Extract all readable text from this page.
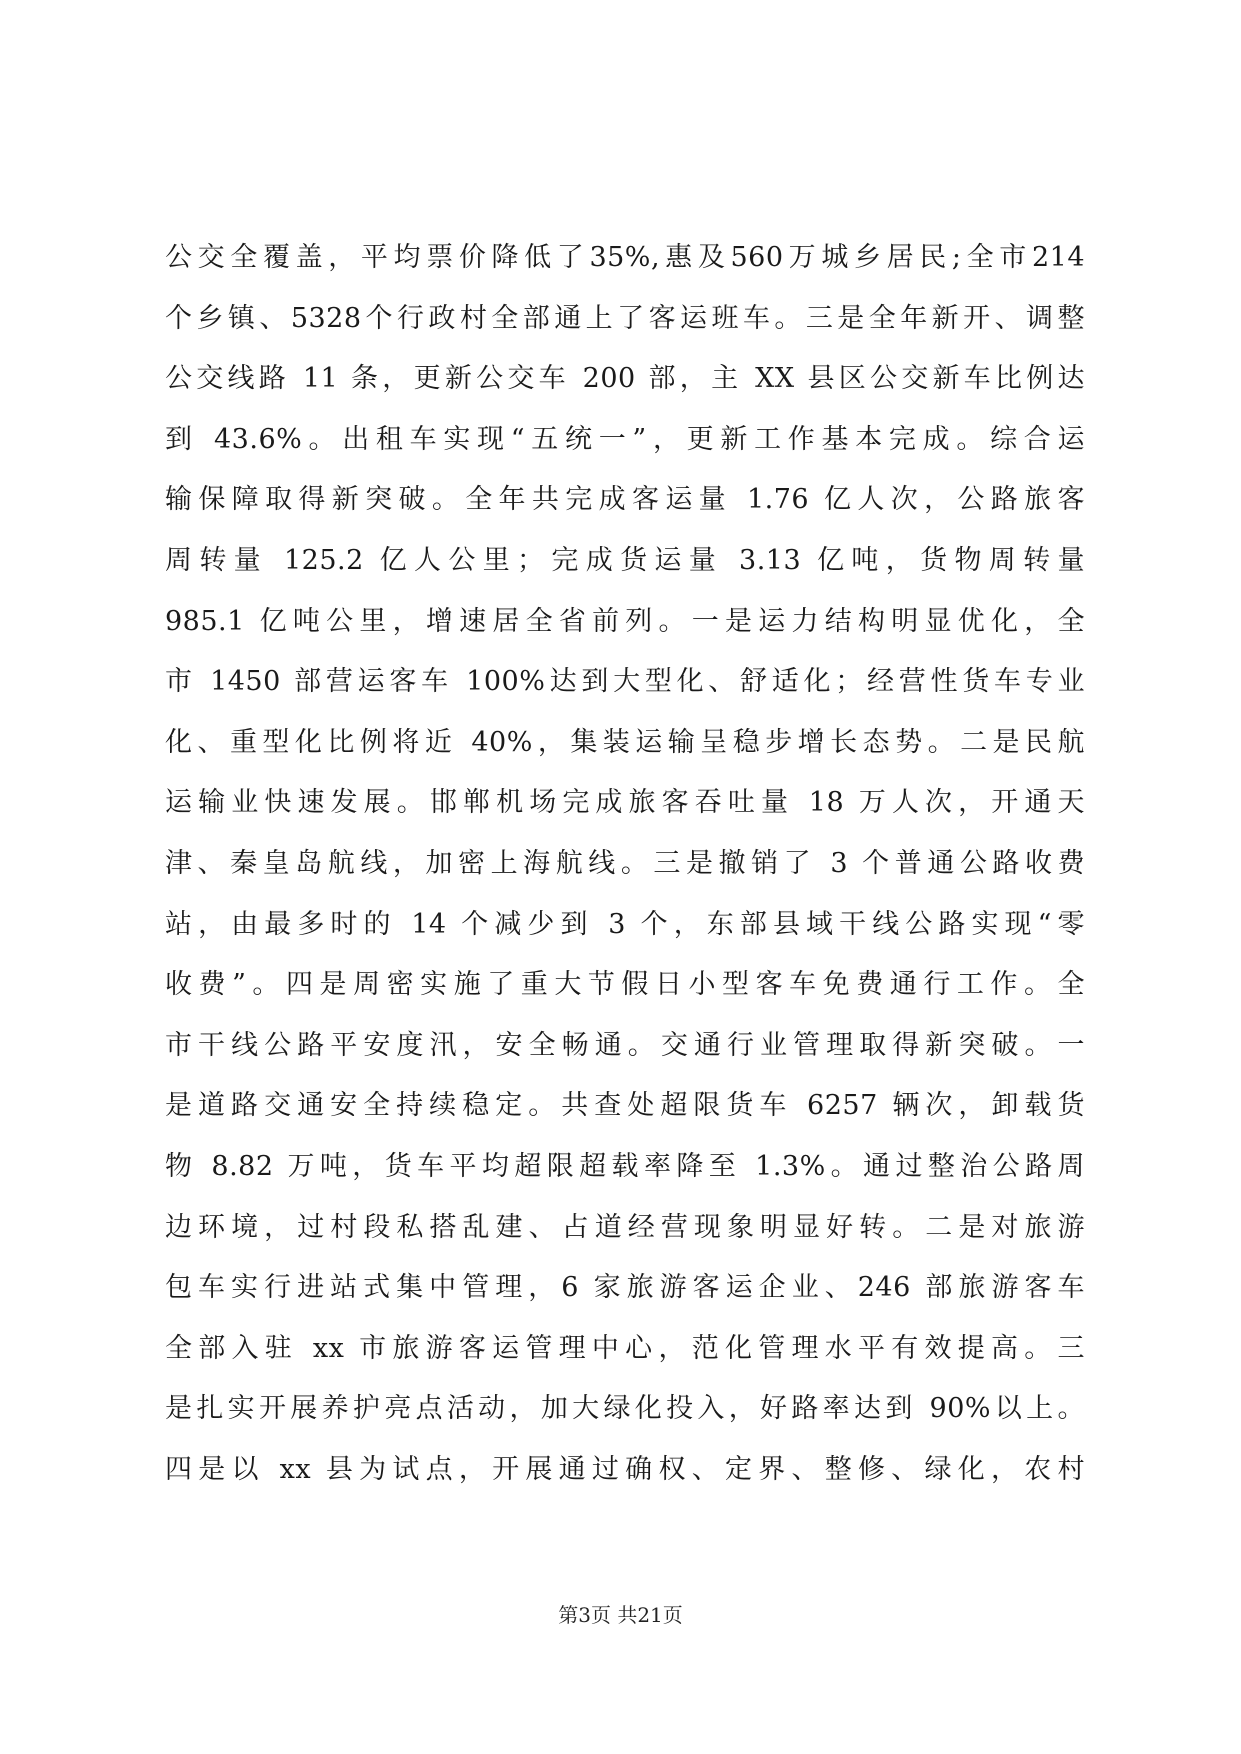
公交全覆盖，平均票价降低了35%,惠及560万城乡居民;全市214
个乡镇、5328个行政村全部通上了客运班车。三是全年新开、调整
公交线路 11 条，更新公交车 200 部，主 XX 县区公交新车比例达
到 43.6%。出租车实现“五统一”，更新工作基本完成。综合运
输保障取得新突破。全年共完成客运量 1.76 亿人次，公路旅客
周转量 125.2 亿人公里；完成货运量 3.13 亿吨，货物周转量
985.1 亿吨公里，增速居全省前列。一是运力结构明显优化，全
市 1450 部营运客车 100%达到大型化、舒适化；经营性货车专业
化、重型化比例将近 40%，集装运输呈稳步增长态势。二是民航
运输业快速发展。邯郸机场完成旅客吞吐量 18 万人次，开通天
津、秦皇岛航线，加密上海航线。三是撤销了 3 个普通公路收费
站，由最多时的 14 个减少到 3 个，东部县域干线公路实现“零
收费”。四是周密实施了重大节假日小型客车免费通行工作。全
市干线公路平安度汛，安全畅通。交通行业管理取得新突破。一
是道路交通安全持续稳定。共查处超限货车 6257 辆次，卸载货
物 8.82 万吨，货车平均超限超载率降至 1.3%。通过整治公路周
边环境，过村段私搭乱建、占道经营现象明显好转。二是对旅游
包车实行进站式集中管理，6 家旅游客运企业、246 部旅游客车
全部入驻 xx 市旅游客运管理中心，范化管理水平有效提高。三
是扎实开展养护亮点活动，加大绿化投入，好路率达到 90%以上。
四是以 xx 县为试点，开展通过确权、定界、整修、绿化，农村
第3页 共21页
